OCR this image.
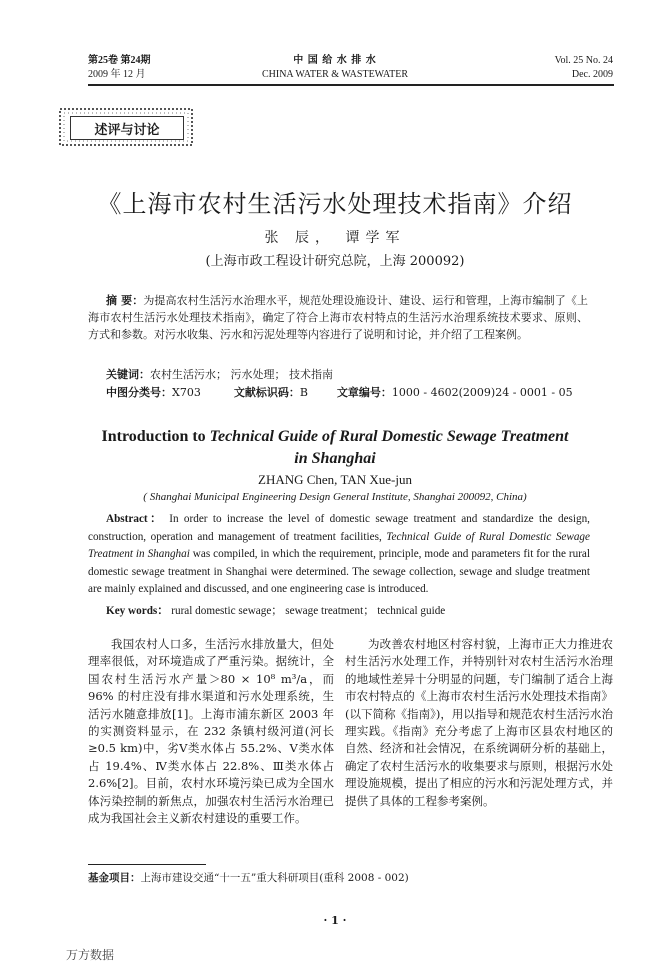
第25卷 第24期
2009 年 12 月
中 国 给 水 排 水
CHINA WATER & WASTEWATER
Vol. 25 No. 24
Dec. 2009
述评与讨论
《上海市农村生活污水处理技术指南》介绍
张 辰， 谭学军
(上海市政工程设计研究总院，上海 200092)
摘 要：为提高农村生活污水治理水平，规范处理设施设计、建设、运行和管理，上海市编制了《上海市农村生活污水处理技术指南》，确定了符合上海市农村特点的生活污水治理系统技术要求、原则、方式和参数。对污水收集、污水和污泥处理等内容进行了说明和讨论，并介绍了工程案例。
关键词：农村生活污水； 污水处理； 技术指南
中图分类号：X703	文献标识码：B	文章编号：1000 - 4602(2009)24 - 0001 - 05
Introduction to Technical Guide of Rural Domestic Sewage Treatment
in Shanghai
ZHANG Chen, TAN Xue-jun
( Shanghai Municipal Engineering Design General Institute, Shanghai 200092, China)
Abstract： In order to increase the level of domestic sewage treatment and standardize the design, construction, operation and management of treatment facilities, Technical Guide of Rural Domestic Sewage Treatment in Shanghai was compiled, in which the requirement, principle, mode and parameters fit for the rural domestic sewage treatment in Shanghai were determined. The sewage collection, sewage and sludge treatment are mainly explained and discussed, and one engineering case is introduced.
Key words： rural domestic sewage； sewage treatment； technical guide
我国农村人口多，生活污水排放量大，但处理率很低，对环境造成了严重污染。据统计，全国农村生活污水产量＞80 × 10⁸ m³/a，而 96% 的村庄没有排水渠道和污水处理系统，生活污水随意排放[1]。上海市浦东新区 2003 年的实测资料显示，在 232 条镇村级河道(河长≥0.5 km)中，劣Ⅴ类水体占 55.2%、Ⅴ类水体占 19.4%、Ⅳ类水体占 22.8%、Ⅲ类水体占 2.6%[2]。目前，农村水环境污染已成为全国水体污染控制的新焦点，加强农村生活污水治理已成为我国社会主义新农村建设的重要工作。
为改善农村地区村容村貌，上海市正大力推进农村生活污水处理工作，并特别针对农村生活污水治理的地域性差异十分明显的问题，专门编制了适合上海市农村特点的《上海市农村生活污水处理技术指南》(以下简称《指南》)，用以指导和规范农村生活污水治理实践。《指南》充分考虑了上海市区县农村地区的自然、经济和社会情况，在系统调研分析的基础上，确定了农村生活污水的收集要求与原则，根据污水处理设施规模，提出了相应的污水和污泥处理方式，并提供了具体的工程参考案例。
基金项目：上海市建设交通“十一五”重大科研项目(重科 2008 - 002)
· 1 ·
万方数据
